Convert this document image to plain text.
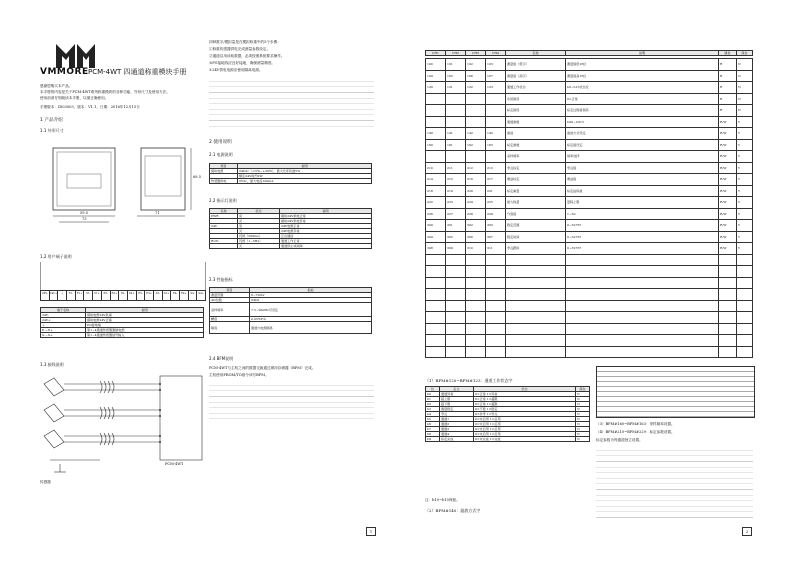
VMMORE PCM-4WT 四通道称重模块手册
感谢您购买本产品。
本手册的内容是关于PCM-4WT系列称重模块的各种功能、外形尺寸及使用方法。
使用前请仔细阅读本手册，以便正确使用。
手册版本：ID03003，版本：V1.1，日期：2016年12月15日
1 产品介绍
1.1 外形尺寸
59.5
73
71
68.5
1.2 用户端子说明
24V- 24V+	⏚	E1-	E1+	S1-	S1+	E2-	E2+	S2-	S2+	E3-	E3+	S3-	S3+	E4-	E4+	S4-	S4+
端子名称	说明
24V-	模块电源24V负端
24V+	模块电源24V正端
⏚	PG接地端
E-~E+	第1~4通道传感器激励电源
S-~S+	第1~4通道传感器信号输入
1.3 接线说明
PCM-4WT
传感器
四种数字/模拟量是在模拟称重中的5个步骤：
①称重传感器供电完成测量参数设定。
②通道启用读取数据，必须按照系统要求操作。
③PG接地线应良好接地，确保测量精度。
④24V供电电源应使用隔离电源。
2 使用说明
2.1 电源说明
项目	说明
模块电源	24Vdc（-15%~+20%），最大允许纹波5%
	额定24V时约2W
传感器供电	5Vdc，最大电流100mA
2.2 指示灯说明
名称	状态	说明
PWR	亮	模块24V供电正常
	灭	模块24V供电异常
24V	亮	24V电源正常
	灭	24V电源异常
	闪烁（500ms）	正在通信
RUN	闪烁（1~5Hz）	通道工作正常
	灭	通道停止或故障
2.3 性能指标
项目	指标
测量范围	0~70mV
AD位数	24bit
采样频率	7.5~960Hz可设定
精度	0.05%F.S.
隔离	通道与电源隔离
2.4 BFM说明
PCM-4WT与主机之间的数据交换通过缓冲存储器（BFM）完成。
主机使用FROM/TO指令读写BFM。
1
CH1	CH2	CH3	CH4	名称	说明	属性	保存
100	101	102	103	测量值（低字）	测量值低16位	R	N
104	105	106	107	测量值（高字）	测量值高16位	R	N
120	121	122	123	通道工作状态	b0~b15状态位	R	N
				系统错误	0=正常	R	N
				标定错误	标定过程错误码	R	N
				通道参数	bit0~bit15	R/W	Y
140	141	142	143	滤波	滤波方式设定	R/W	Y
160	161	162	163	标定参数	标定值设定	R/W	Y
				采样频率	频率选择	R/W	Y
210	211	212	213	零点标定	零点值	R/W	Y
214	215	216	217	增益标定	增益值	R/W	Y
218	219	220	221	标定重量	标定砝码值	R/W	Y
222	223	224	225	最大称量	量程上限	R/W	Y
226	227	228	229	分度值	1~50	R/W	Y
300	301	302	303	稳定范围	0~32767	R/W	Y
304	305	306	307	稳定时间	0~32767	R/W	Y
308	309	310	311	零点跟踪	0~32767	R/W	Y

（1）BFM#120~BFM#123：通道工作状态字
位	定义	状态	保存
b0	通道异常	0=正常 1=异常	N
b1	超上限	0=正常 1=超限	N
b2	超下限	0=正常 1=超限	N
b3	测量稳定	0=不稳 1=稳定	N
b4	零点	0=非零 1=零点	N
b5	通道1	0=未启用 1=启用	N
b6	通道2	0=未启用 1=启用	N
b7	通道3	0=未启用 1=启用	N
b8	通道4	0=未启用 1=启用	N
b9	标定完成	0=未完成 1=完成	N
注：b10~b15保留。
（2）BFM#140：滤波方式字
（3）BFM#160~BFM#163：采样频率设置。
（4）BFM#210~BFM#229：标定参数设置。
标定参数为每通道独立设置。
2
